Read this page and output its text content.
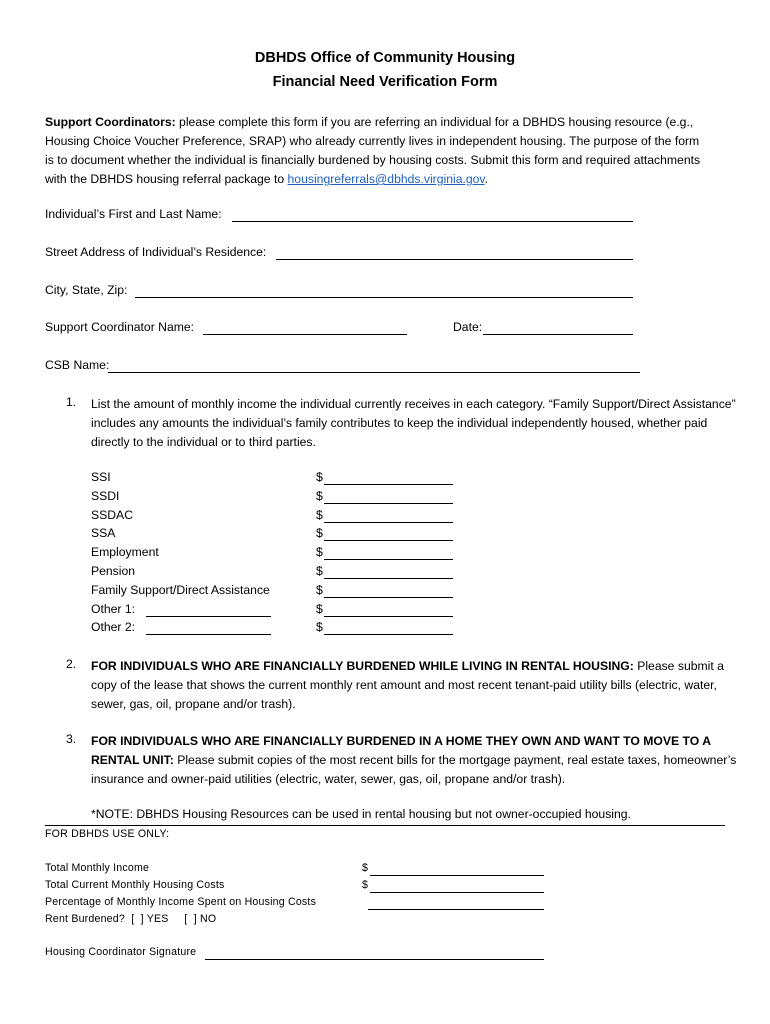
DBHDS Office of Community Housing
Financial Need Verification Form
Support Coordinators: please complete this form if you are referring an individual for a DBHDS housing resource (e.g., Housing Choice Voucher Preference, SRAP) who already currently lives in independent housing. The purpose of the form is to document whether the individual is financially burdened by housing costs. Submit this form and required attachments with the DBHDS housing referral package to housingreferrals@dbhds.virginia.gov.
Individual’s First and Last Name:
Street Address of Individual’s Residence:
City, State, Zip:
Support Coordinator Name:	Date:
CSB Name:
1. List the amount of monthly income the individual currently receives in each category. “Family Support/Direct Assistance” includes any amounts the individual’s family contributes to keep the individual independently housed, whether paid directly to the individual or to third parties.
SSI	$
SSDI	$
SSDAC	$
SSA	$
Employment	$
Pension	$
Family Support/Direct Assistance	$
Other 1:	$
Other 2:	$
2. FOR INDIVIDUALS WHO ARE FINANCIALLY BURDENED WHILE LIVING IN RENTAL HOUSING: Please submit a copy of the lease that shows the current monthly rent amount and most recent tenant-paid utility bills (electric, water, sewer, gas, oil, propane and/or trash).
3. FOR INDIVIDUALS WHO ARE FINANCIALLY BURDENED IN A HOME THEY OWN AND WANT TO MOVE TO A RENTAL UNIT: Please submit copies of the most recent bills for the mortgage payment, real estate taxes, homeowner’s insurance and owner-paid utilities (electric, water, sewer, gas, oil, propane and/or trash).
*NOTE: DBHDS Housing Resources can be used in rental housing but not owner-occupied housing.
FOR DBHDS USE ONLY:
Total Monthly Income	$
Total Current Monthly Housing Costs	$
Percentage of Monthly Income Spent on Housing Costs
Rent Burdened?  [  ] YES     [  ] NO
Housing Coordinator Signature
